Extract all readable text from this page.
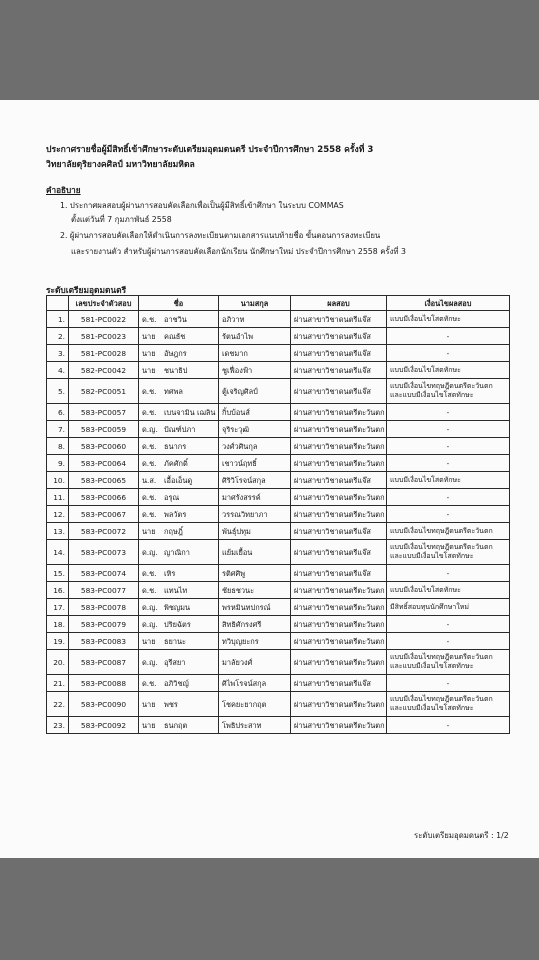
ประกาศรายชื่อผู้มีสิทธิ์เข้าศึกษาระดับเตรียมอุดมดนตรี ประจำปีการศึกษา 2558 ครั้งที่ 3
วิทยาลัยดุริยางคศิลป์ มหาวิทยาลัยมหิดล
คำอธิบาย
1. ประกาศผลสอบผู้ผ่านการสอบคัดเลือกเพื่อเป็นผู้มีสิทธิ์เข้าศึกษา ในระบบ COMMAS
ตั้งแต่วันที่ 7 กุมภาพันธ์ 2558
2. ผู้ผ่านการสอบคัดเลือกให้ดำเนินการลงทะเบียนตามเอกสารแนบท้ายชื่อ ขั้นตอนการลงทะเบียน
และรายงานตัว สำหรับผู้ผ่านการสอบคัดเลือกนักเรียน นักศึกษาใหม่ ประจำปีการศึกษา 2558 ครั้งที่ 3
ระดับเตรียมอุดมดนตรี
	เลขประจำตัวสอบ	ชื่อ	นามสกุล	ผลสอบ	เงื่อนไขผลสอบ
1.	581-PC0022	ด.ช. อาชวิน	อภิวาท	ผ่านสาขาวิชาดนตรีแจ๊ส	แบบมีเงื่อนไขโสตทักษะ
2.	581-PC0023	นาย คณธัช	รัตนอำไพ	ผ่านสาขาวิชาดนตรีแจ๊ส	-
3.	581-PC0028	นาย อัษฎกร	เดชมาก	ผ่านสาขาวิชาดนตรีแจ๊ส	-
4.	582-PC0042	นาย ชนาธิป	ชูเฟื่องฟ้า	ผ่านสาขาวิชาดนตรีแจ๊ส	แบบมีเงื่อนไขโสตทักษะ
5.	582-PC0051	ด.ช. ทศพล	ตู้เจริญศิลป์	ผ่านสาขาวิชาดนตรีแจ๊ส	แบบมีเงื่อนไขทฤษฎีดนตรีตะวันตก
และแบบมีเงื่อนไขโสตทักษะ
6.	583-PC0057	ด.ช. เบนจามิน เฌลิน	กิ้บบ้อนส์	ผ่านสาขาวิชาดนตรีตะวันตก	-
7.	583-PC0059	ด.ญ. ปัณฑ์ปภา	จุริระวุฒิ	ผ่านสาขาวิชาดนตรีตะวันตก	-
8.	583-PC0060	ด.ช. ธนากร	วงศ์วศินกุล	ผ่านสาขาวิชาดนตรีตะวันตก	-
9.	583-PC0064	ด.ช. ภัคศักดิ์	เชาวน์ฤทธิ์	ผ่านสาขาวิชาดนตรีตะวันตก	-
10.	583-PC0065	น.ส. เอื้อเอ็นดู	ศิริวิโรจน์สกุล	ผ่านสาขาวิชาดนตรีแจ๊ส	แบบมีเงื่อนไขโสตทักษะ
11.	583-PC0066	ด.ช. อรุณ	มาศรังสรรค์	ผ่านสาขาวิชาดนตรีตะวันตก	-
12.	583-PC0067	ด.ช. พลวัตร	วรรณวิทยาภา	ผ่านสาขาวิชาดนตรีตะวันตก	-
13.	583-PC0072	นาย กฤษฎิ์	พันธุ์ปทุม	ผ่านสาขาวิชาดนตรีแจ๊ส	แบบมีเงื่อนไขทฤษฎีดนตรีตะวันตก
14.	583-PC0073	ด.ญ. ญาณิกา	แย้มเยื้อน	ผ่านสาขาวิชาดนตรีแจ๊ส	แบบมีเงื่อนไขทฤษฎีดนตรีตะวันตก
และแบบมีเงื่อนไขโสตทักษะ
15.	583-PC0074	ด.ช. เหิร	รติศศิพู	ผ่านสาขาวิชาดนตรีแจ๊ส	-
16.	583-PC0077	ด.ช. แทนไท	ชัยธชวนะ	ผ่านสาขาวิชาดนตรีตะวันตก	แบบมีเงื่อนไขโสตทักษะ
17.	583-PC0078	ด.ญ. พิชญมน	พรหมินทปกรณ์	ผ่านสาขาวิชาดนตรีตะวันตก	มีสิทธิ์สอบทุนนักศึกษาใหม่
18.	583-PC0079	ด.ญ. ปริยฉัตร	สิทธิศักรงศรี	ผ่านสาขาวิชาดนตรีตะวันตก	-
19.	583-PC0083	นาย ธยานะ	ทวิบุญยะกร	ผ่านสาขาวิชาดนตรีตะวันตก	-
20.	583-PC0087	ด.ญ. อุรีสยา	มาลัยวงศ์	ผ่านสาขาวิชาดนตรีตะวันตก	แบบมีเงื่อนไขทฤษฎีดนตรีตะวันตก
และแบบมีเงื่อนไขโสตทักษะ
21.	583-PC0088	ด.ช. อภิวิชญ์	ศิไพโรจน์สกุล	ผ่านสาขาวิชาดนตรีแจ๊ส	-
22.	583-PC0090	นาย พชร	โชคยะยากฤต	ผ่านสาขาวิชาดนตรีตะวันตก	แบบมีเงื่อนไขทฤษฎีดนตรีตะวันตก
และแบบมีเงื่อนไขโสตทักษะ
23.	583-PC0092	นาย ธนกฤต	โพธิประสาท	ผ่านสาขาวิชาดนตรีตะวันตก	-
ระดับเตรียมอุดมดนตรี : 1/2
